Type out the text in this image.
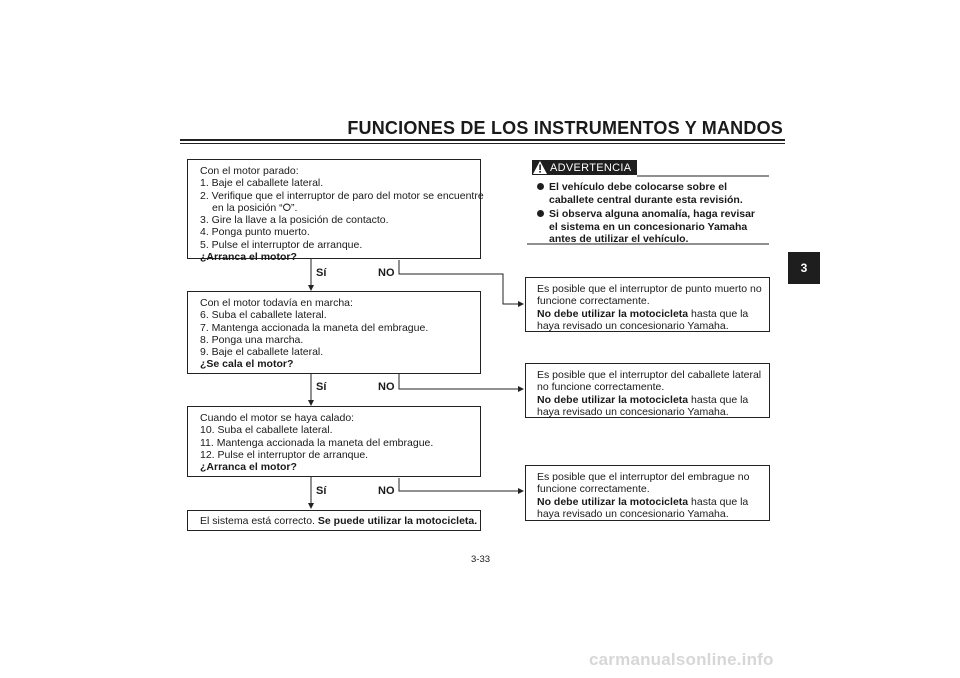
FUNCIONES DE LOS INSTRUMENTOS Y MANDOS
3
Con el motor parado:
1. Baje el caballete lateral.
2. Verifique que el interruptor de paro del motor se encuentre
en la posición “⭘”.
3. Gire la llave a la posición de contacto.
4. Ponga punto muerto.
5. Pulse el interruptor de arranque.
¿Arranca el motor?
Sí	NO
Con el motor todavía en marcha:
6. Suba el caballete lateral.
7. Mantenga accionada la maneta del embrague.
8. Ponga una marcha.
9. Baje el caballete lateral.
¿Se cala el motor?
Sí	NO
Cuando el motor se haya calado:
10. Suba el caballete lateral.
11. Mantenga accionada la maneta del embrague.
12. Pulse el interruptor de arranque.
¿Arranca el motor?
Sí	NO
El sistema está correcto. Se puede utilizar la motocicleta.
ADVERTENCIA
El vehículo debe colocarse sobre el caballete central durante esta revisión.
Si observa alguna anomalía, haga revisar el sistema en un concesionario Yamaha antes de utilizar el vehículo.
Es posible que el interruptor de punto muerto no
funcione correctamente.
No debe utilizar la motocicleta hasta que la
haya revisado un concesionario Yamaha.
Es posible que el interruptor del caballete lateral
no funcione correctamente.
No debe utilizar la motocicleta hasta que la
haya revisado un concesionario Yamaha.
Es posible que el interruptor del embrague no
funcione correctamente.
No debe utilizar la motocicleta hasta que la
haya revisado un concesionario Yamaha.
3-33
carmanualsonline.info
